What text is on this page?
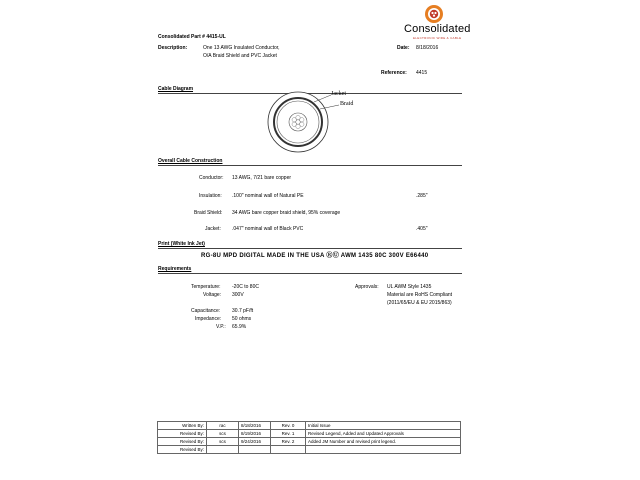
Consolidated
ELECTRONIC WIRE & CABLE
Consolidated Part # 4415-UL
Description:	One 13 AWG Insulated Conductor,
O/A Braid Shield and PVC Jacket
Date: 8/18/2016
Reference: 4415
Cable Diagram
Jacket
Braid
Overall Cable Construction
Conductor: 13 AWG, 7/21 bare copper
Insulation: .100" nominal wall of Natural PE	.285"
Braid Shield: 34 AWG bare copper braid shield, 95% coverage
Jacket: .047" nominal wall of Black PVC	.405"
Print (White Ink Jet)
RG-8U MPD DIGITAL MADE IN THE USA ⓇⓊ AWM 1435 80C 300V E66440
Requirements
Temperature: -20C to 80C
Voltage: 300V
Capacitance: 30.7 pF/ft
Impedance: 50 ohms
V.P.: 65.9%
Approvals: UL AWM Style 1435
Material are RoHS Compliant
(2011/65/EU & EU 2015/863)
Written By:	rac	8/18/2016	Rev. 0	Initial Issue
Revised By:	scs	8/19/2016	Rev. 1	Revised Legend, Added and Updated Approvals
Revised By:	scs	9/24/2016	Rev. 2	Added JM Number and revised print legend.
Revised By:				
